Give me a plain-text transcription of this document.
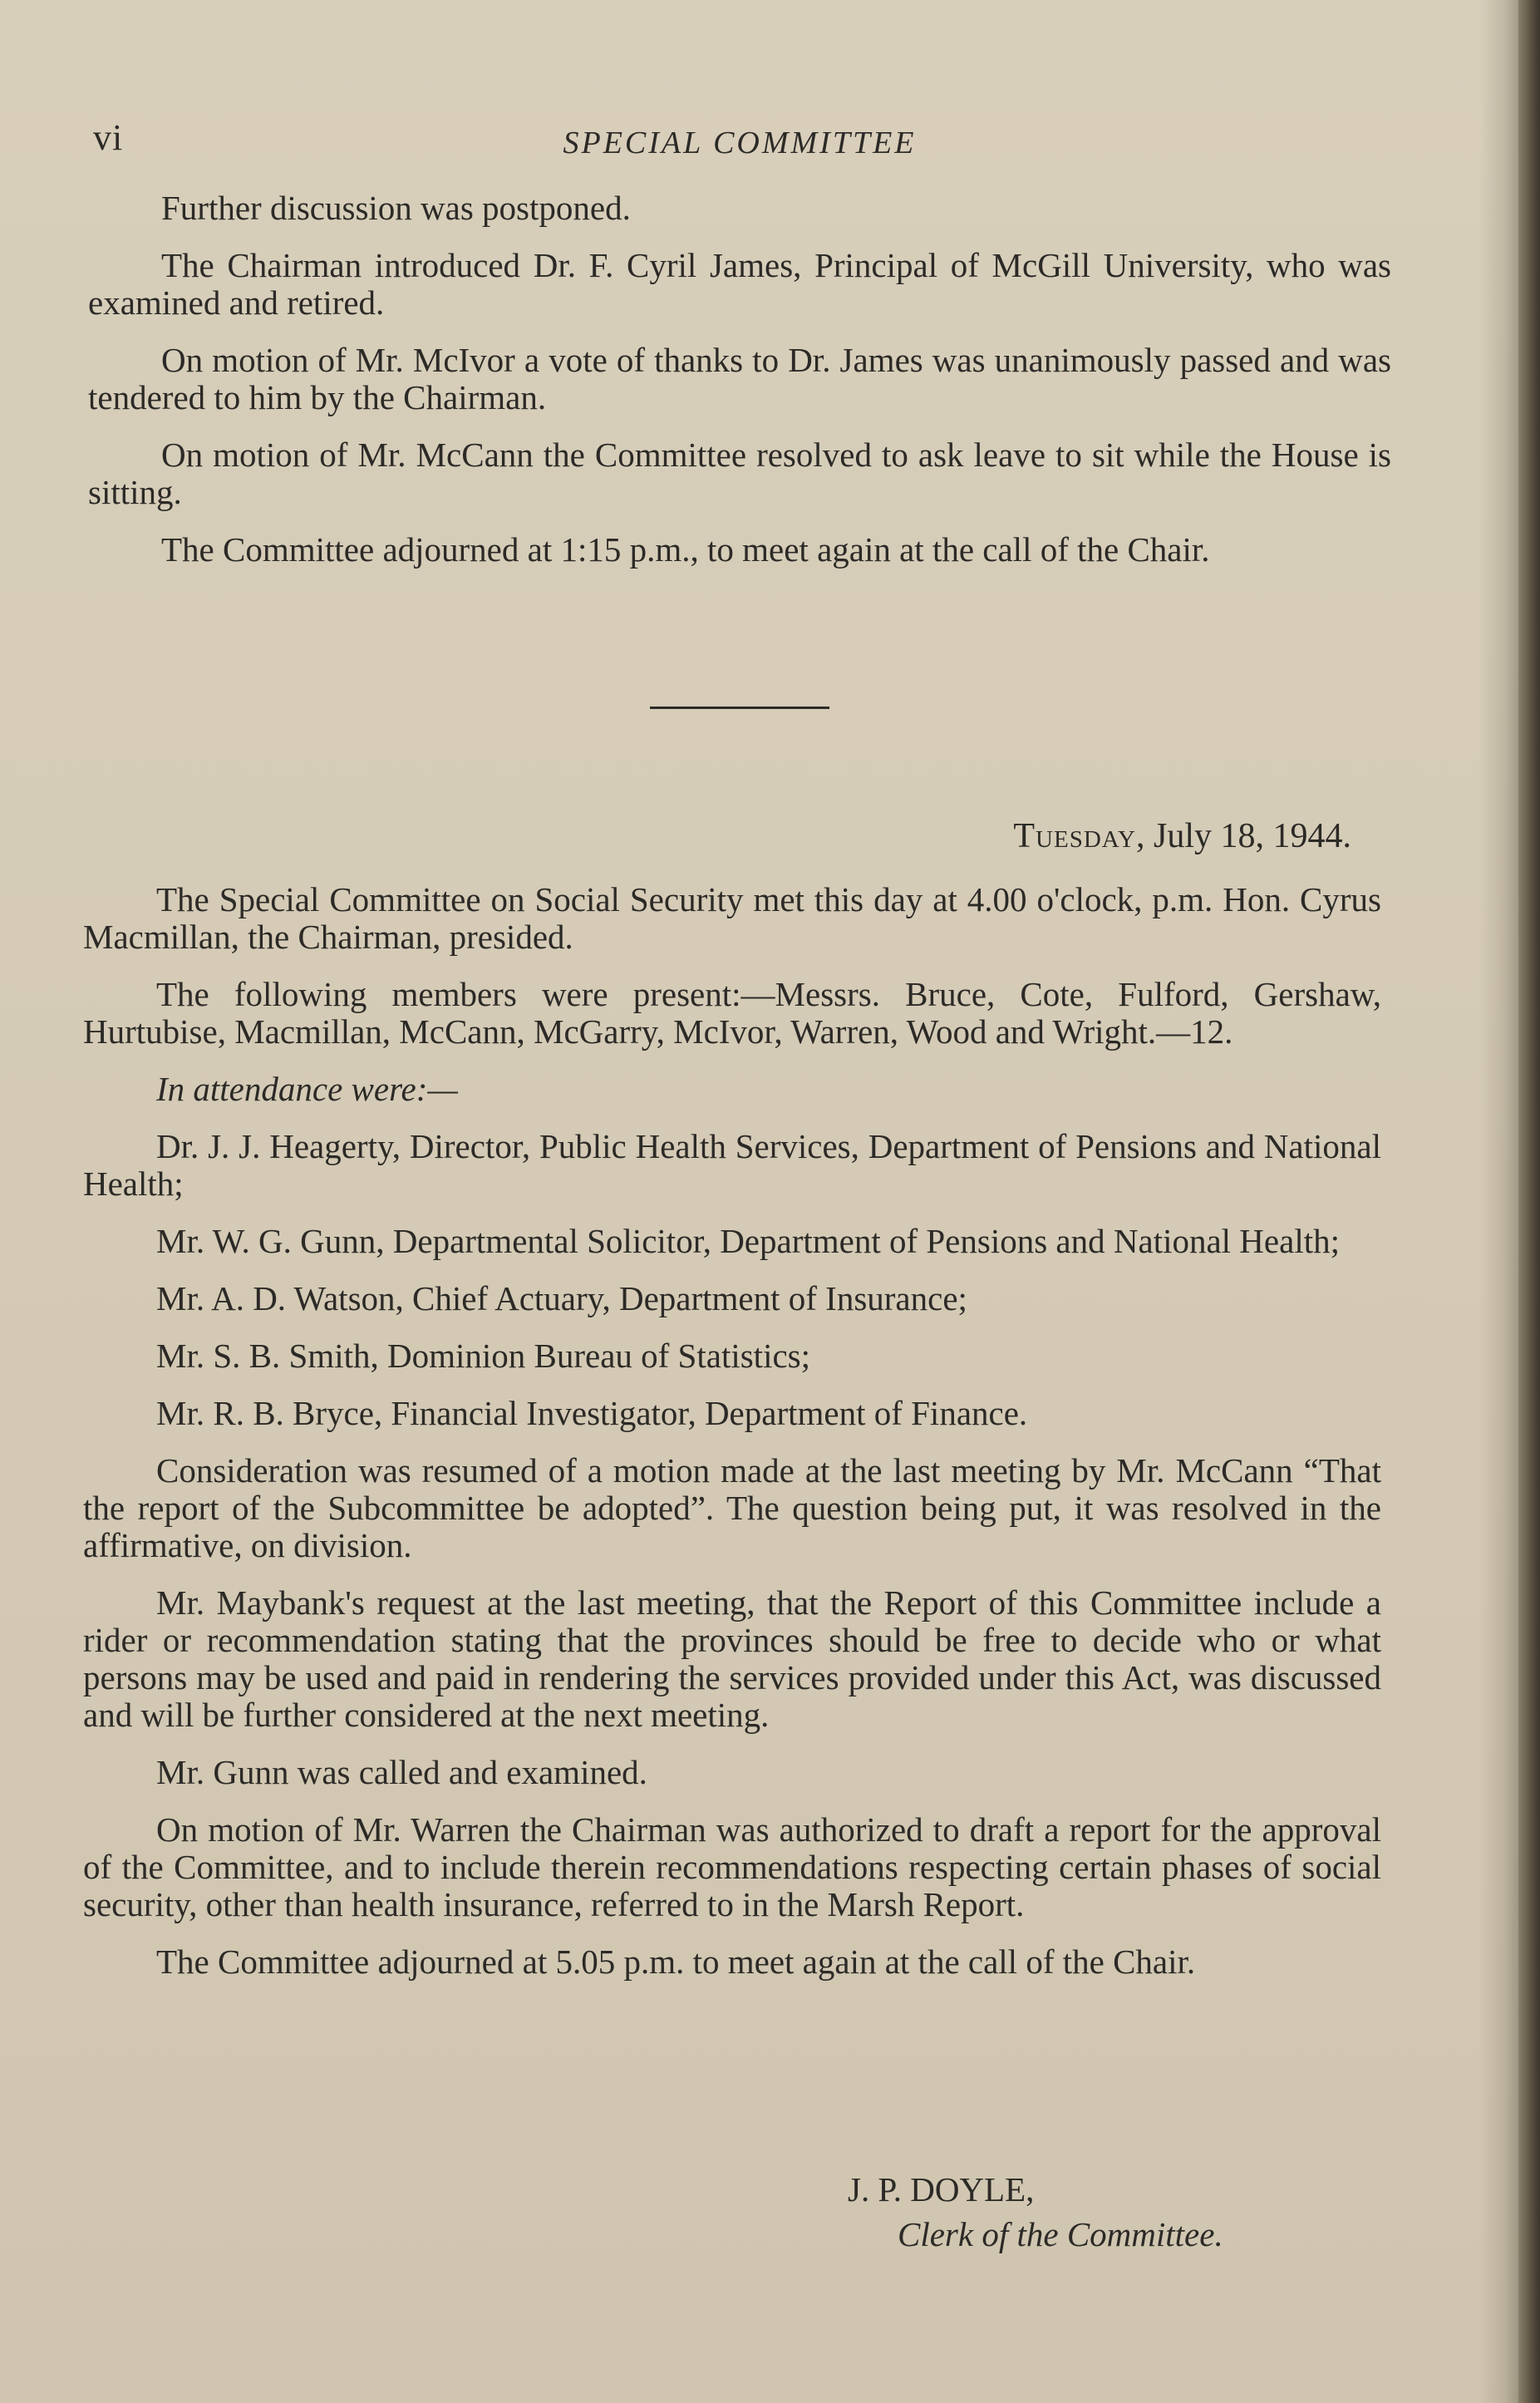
vi	SPECIAL COMMITTEE

Further discussion was postponed.

The Chairman introduced Dr. F. Cyril James, Principal of McGill University, who was examined and retired.

On motion of Mr. McIvor a vote of thanks to Dr. James was unanimously passed and was tendered to him by the Chairman.

On motion of Mr. McCann the Committee resolved to ask leave to sit while the House is sitting.

The Committee adjourned at 1:15 p.m., to meet again at the call of the Chair.

Tuesday, July 18, 1944.

The Special Committee on Social Security met this day at 4.00 o'clock, p.m. Hon. Cyrus Macmillan, the Chairman, presided.

The following members were present:—Messrs. Bruce, Cote, Fulford, Gershaw, Hurtubise, Macmillan, McCann, McGarry, McIvor, Warren, Wood and Wright.—12.

In attendance were:—

Dr. J. J. Heagerty, Director, Public Health Services, Department of Pensions and National Health;

Mr. W. G. Gunn, Departmental Solicitor, Department of Pensions and National Health;

Mr. A. D. Watson, Chief Actuary, Department of Insurance;

Mr. S. B. Smith, Dominion Bureau of Statistics;

Mr. R. B. Bryce, Financial Investigator, Department of Finance.

Consideration was resumed of a motion made at the last meeting by Mr. McCann “That the report of the Subcommittee be adopted”. The question being put, it was resolved in the affirmative, on division.

Mr. Maybank's request at the last meeting, that the Report of this Committee include a rider or recommendation stating that the provinces should be free to decide who or what persons may be used and paid in rendering the services provided under this Act, was discussed and will be further considered at the next meeting.

Mr. Gunn was called and examined.

On motion of Mr. Warren the Chairman was authorized to draft a report for the approval of the Committee, and to include therein recommendations respecting certain phases of social security, other than health insurance, referred to in the Marsh Report.

The Committee adjourned at 5.05 p.m. to meet again at the call of the Chair.

J. P. DOYLE,
Clerk of the Committee.
